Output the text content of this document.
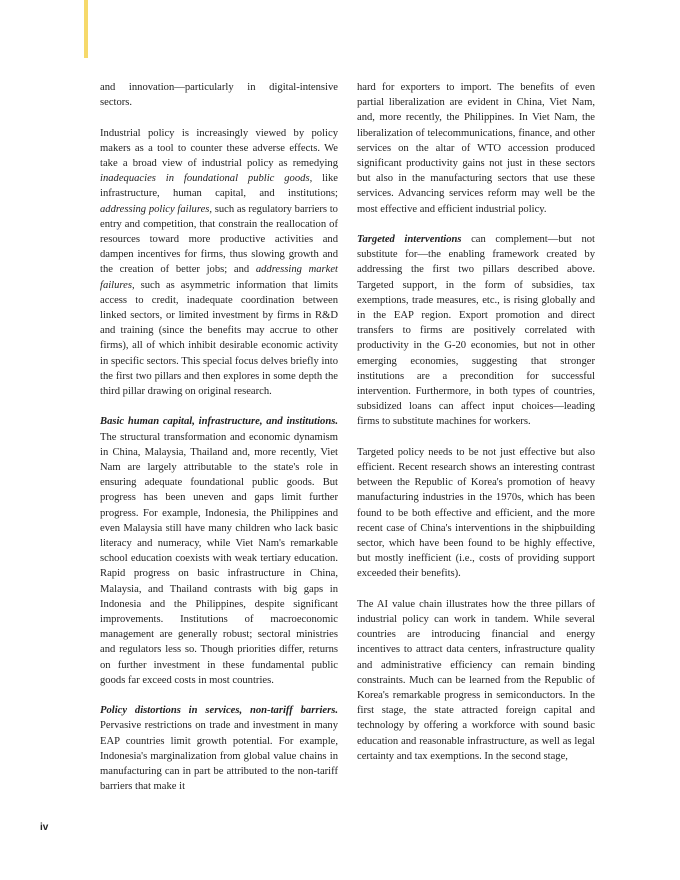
and innovation—particularly in digital-intensive sectors.

Industrial policy is increasingly viewed by policy makers as a tool to counter these adverse effects. We take a broad view of industrial policy as remedying inadequacies in foundational public goods, like infrastructure, human capital, and institutions; addressing policy failures, such as regulatory barriers to entry and competition, that constrain the reallocation of resources toward more productive activities and dampen incentives for firms, thus slowing growth and the creation of better jobs; and addressing market failures, such as asymmetric information that limits access to credit, inadequate coordination between linked sectors, or limited investment by firms in R&D and training (since the benefits may accrue to other firms), all of which inhibit desirable economic activity in specific sectors. This special focus delves briefly into the first two pillars and then explores in some depth the third pillar drawing on original research.

Basic human capital, infrastructure, and institutions. The structural transformation and economic dynamism in China, Malaysia, Thailand and, more recently, Viet Nam are largely attributable to the state's role in ensuring adequate foundational public goods. But progress has been uneven and gaps limit further progress. For example, Indonesia, the Philippines and even Malaysia still have many children who lack basic literacy and numeracy, while Viet Nam's remarkable school education coexists with weak tertiary education. Rapid progress on basic infrastructure in China, Malaysia, and Thailand contrasts with big gaps in Indonesia and the Philippines, despite significant improvements. Institutions of macroeconomic management are generally robust; sectoral ministries and regulators less so. Though priorities differ, returns on further investment in these fundamental public goods far exceed costs in most countries.

Policy distortions in services, non-tariff barriers. Pervasive restrictions on trade and investment in many EAP countries limit growth potential. For example, Indonesia's marginalization from global value chains in manufacturing can in part be attributed to the non-tariff barriers that make it

hard for exporters to import. The benefits of even partial liberalization are evident in China, Viet Nam, and, more recently, the Philippines. In Viet Nam, the liberalization of telecommunications, finance, and other services on the altar of WTO accession produced significant productivity gains not just in these sectors but also in the manufacturing sectors that use these services. Advancing services reform may well be the most effective and efficient industrial policy.

Targeted interventions can complement—but not substitute for—the enabling framework created by addressing the first two pillars described above. Targeted support, in the form of subsidies, tax exemptions, trade measures, etc., is rising globally and in the EAP region. Export promotion and direct transfers to firms are positively correlated with productivity in the G-20 economies, but not in other emerging economies, suggesting that stronger institutions are a precondition for successful intervention. Furthermore, in both types of countries, subsidized loans can affect input choices—leading firms to substitute machines for workers.

Targeted policy needs to be not just effective but also efficient. Recent research shows an interesting contrast between the Republic of Korea's promotion of heavy manufacturing industries in the 1970s, which has been found to be both effective and efficient, and the more recent case of China's interventions in the shipbuilding sector, which have been found to be highly effective, but mostly inefficient (i.e., costs of providing support exceeded their benefits).

The AI value chain illustrates how the three pillars of industrial policy can work in tandem. While several countries are introducing financial and energy incentives to attract data centers, infrastructure quality and administrative efficiency can remain binding constraints. Much can be learned from the Republic of Korea's remarkable progress in semiconductors. In the first stage, the state attracted foreign capital and technology by offering a workforce with sound basic education and reasonable infrastructure, as well as legal certainty and tax exemptions. In the second stage,

iv
